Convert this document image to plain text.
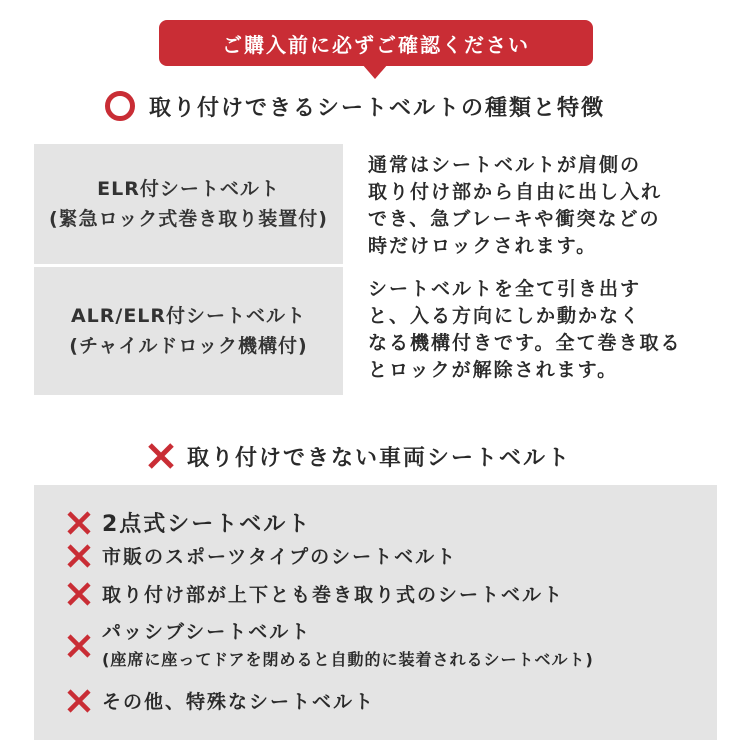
ご購入前に必ずご確認ください
取り付けできるシートベルトの種類と特徴
ELR付シートベルト
(緊急ロック式巻き取り装置付)
通常はシートベルトが肩側の
取り付け部から自由に出し入れ
でき、急ブレーキや衝突などの
時だけロックされます。
ALR/ELR付シートベルト
(チャイルドロック機構付)
シートベルトを全て引き出す
と、入る方向にしか動かなく
なる機構付きです。全て巻き取る
とロックが解除されます。
取り付けできない車両シートベルト
2点式シートベルト
市販のスポーツタイプのシートベルト
取り付け部が上下とも巻き取り式のシートベルト
パッシブシートベルト
(座席に座ってドアを閉めると自動的に装着されるシートベルト)
その他、特殊なシートベルト
